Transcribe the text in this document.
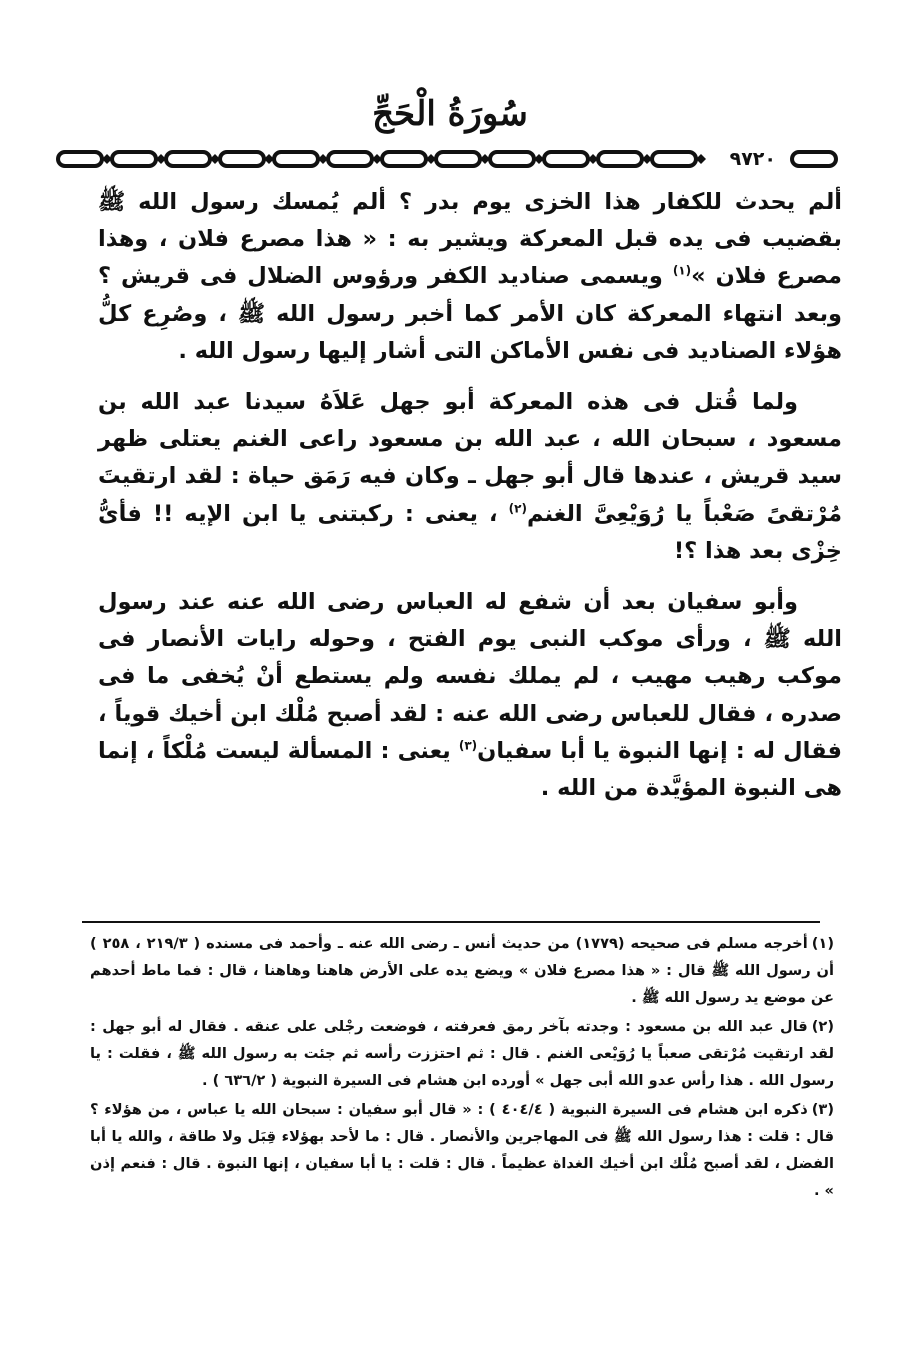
سُورَةُ الْحَجِّ
٩٧٢٠

ألم يحدث للكفار هذا الخزى يوم بدر ؟ ألم يُمسك رسول الله ﷺ بقضيب فى يده قبل المعركة ويشير به : « هذا مصرع فلان ، وهذا مصرع فلان »$^{(١)}$ ويسمى صناديد الكفر ورؤوس الضلال فى قريش ؟ وبعد انتهاء المعركة كان الأمر كما أخبر رسول الله ﷺ ، وصُرِع كلُّ هؤلاء الصناديد فى نفس الأماكن التى أشار إليها رسول الله .

ولما قُتل فى هذه المعركة أبو جهل عَلاَهُ سيدنا عبد الله بن مسعود ، سبحان الله ، عبد الله بن مسعود راعى الغنم يعتلى ظهر سيد قريش ، عندها قال أبو جهل ـ وكان فيه رَمَق حياة : لقد ارتقيتَ مُرْتقىً صَعْباً يا رُوَيْعِىَّ الغنم$^{(٢)}$ ، يعنى : ركبتنى يا ابن الإيه !! فأىُّ خِزْى بعد هذا ؟!

وأبو سفيان بعد أن شفع له العباس رضى الله عنه عند رسول الله ﷺ ، ورأى موكب النبى يوم الفتح ، وحوله رايات الأنصار فى موكب رهيب مهيب ، لم يملك نفسه ولم يستطع أنْ يُخفى ما فى صدره ، فقال للعباس رضى الله عنه : لقد أصبح مُلْك ابن أخيك قوياً ، فقال له : إنها النبوة يا أبا سفيان$^{(٣)}$ يعنى : المسألة ليست مُلْكاً ، إنما هى النبوة المؤيَّدة من الله .

(١)أخرجه مسلم فى صحيحه (١٧٧٩) من حديث أنس ـ رضى الله عنه ـ وأحمد فى مسنده ( ٢١٩/٣ ، ٢٥٨ ) أن رسول الله ﷺ قال : « هذا مصرع فلان » ويضع يده على الأرض هاهنا وهاهنا ، قال : فما ماط أحدهم عن موضع يد رسول الله ﷺ .

(٢)قال عبد الله بن مسعود : وجدته بآخر رمق فعرفته ، فوضعت رجْلى على عنقه . فقال له أبو جهل : لقد ارتقيت مُرْتقى صعباً يا رُوَيْعى الغنم . قال : ثم احتززت رأسه ثم جئت به رسول الله ﷺ ، فقلت : يا رسول الله . هذا رأس عدو الله أبى جهل » أورده ابن هشام فى السيرة النبوية ( ٦٣٦/٢ ) .

(٣)ذكره ابن هشام فى السيرة النبوية ( ٤٠٤/٤ ) : « قال أبو سفيان : سبحان الله يا عباس ، من هؤلاء ؟ قال : قلت : هذا رسول الله ﷺ فى المهاجرين والأنصار . قال : ما لأحد بهؤلاء قِبَل ولا طاقة ، والله يا أبا الفضل ، لقد أصبح مُلْك ابن أخيك الغداة عظيماً . قال : قلت : يا أبا سفيان ، إنها النبوة . قال : فنعم إذن » .
